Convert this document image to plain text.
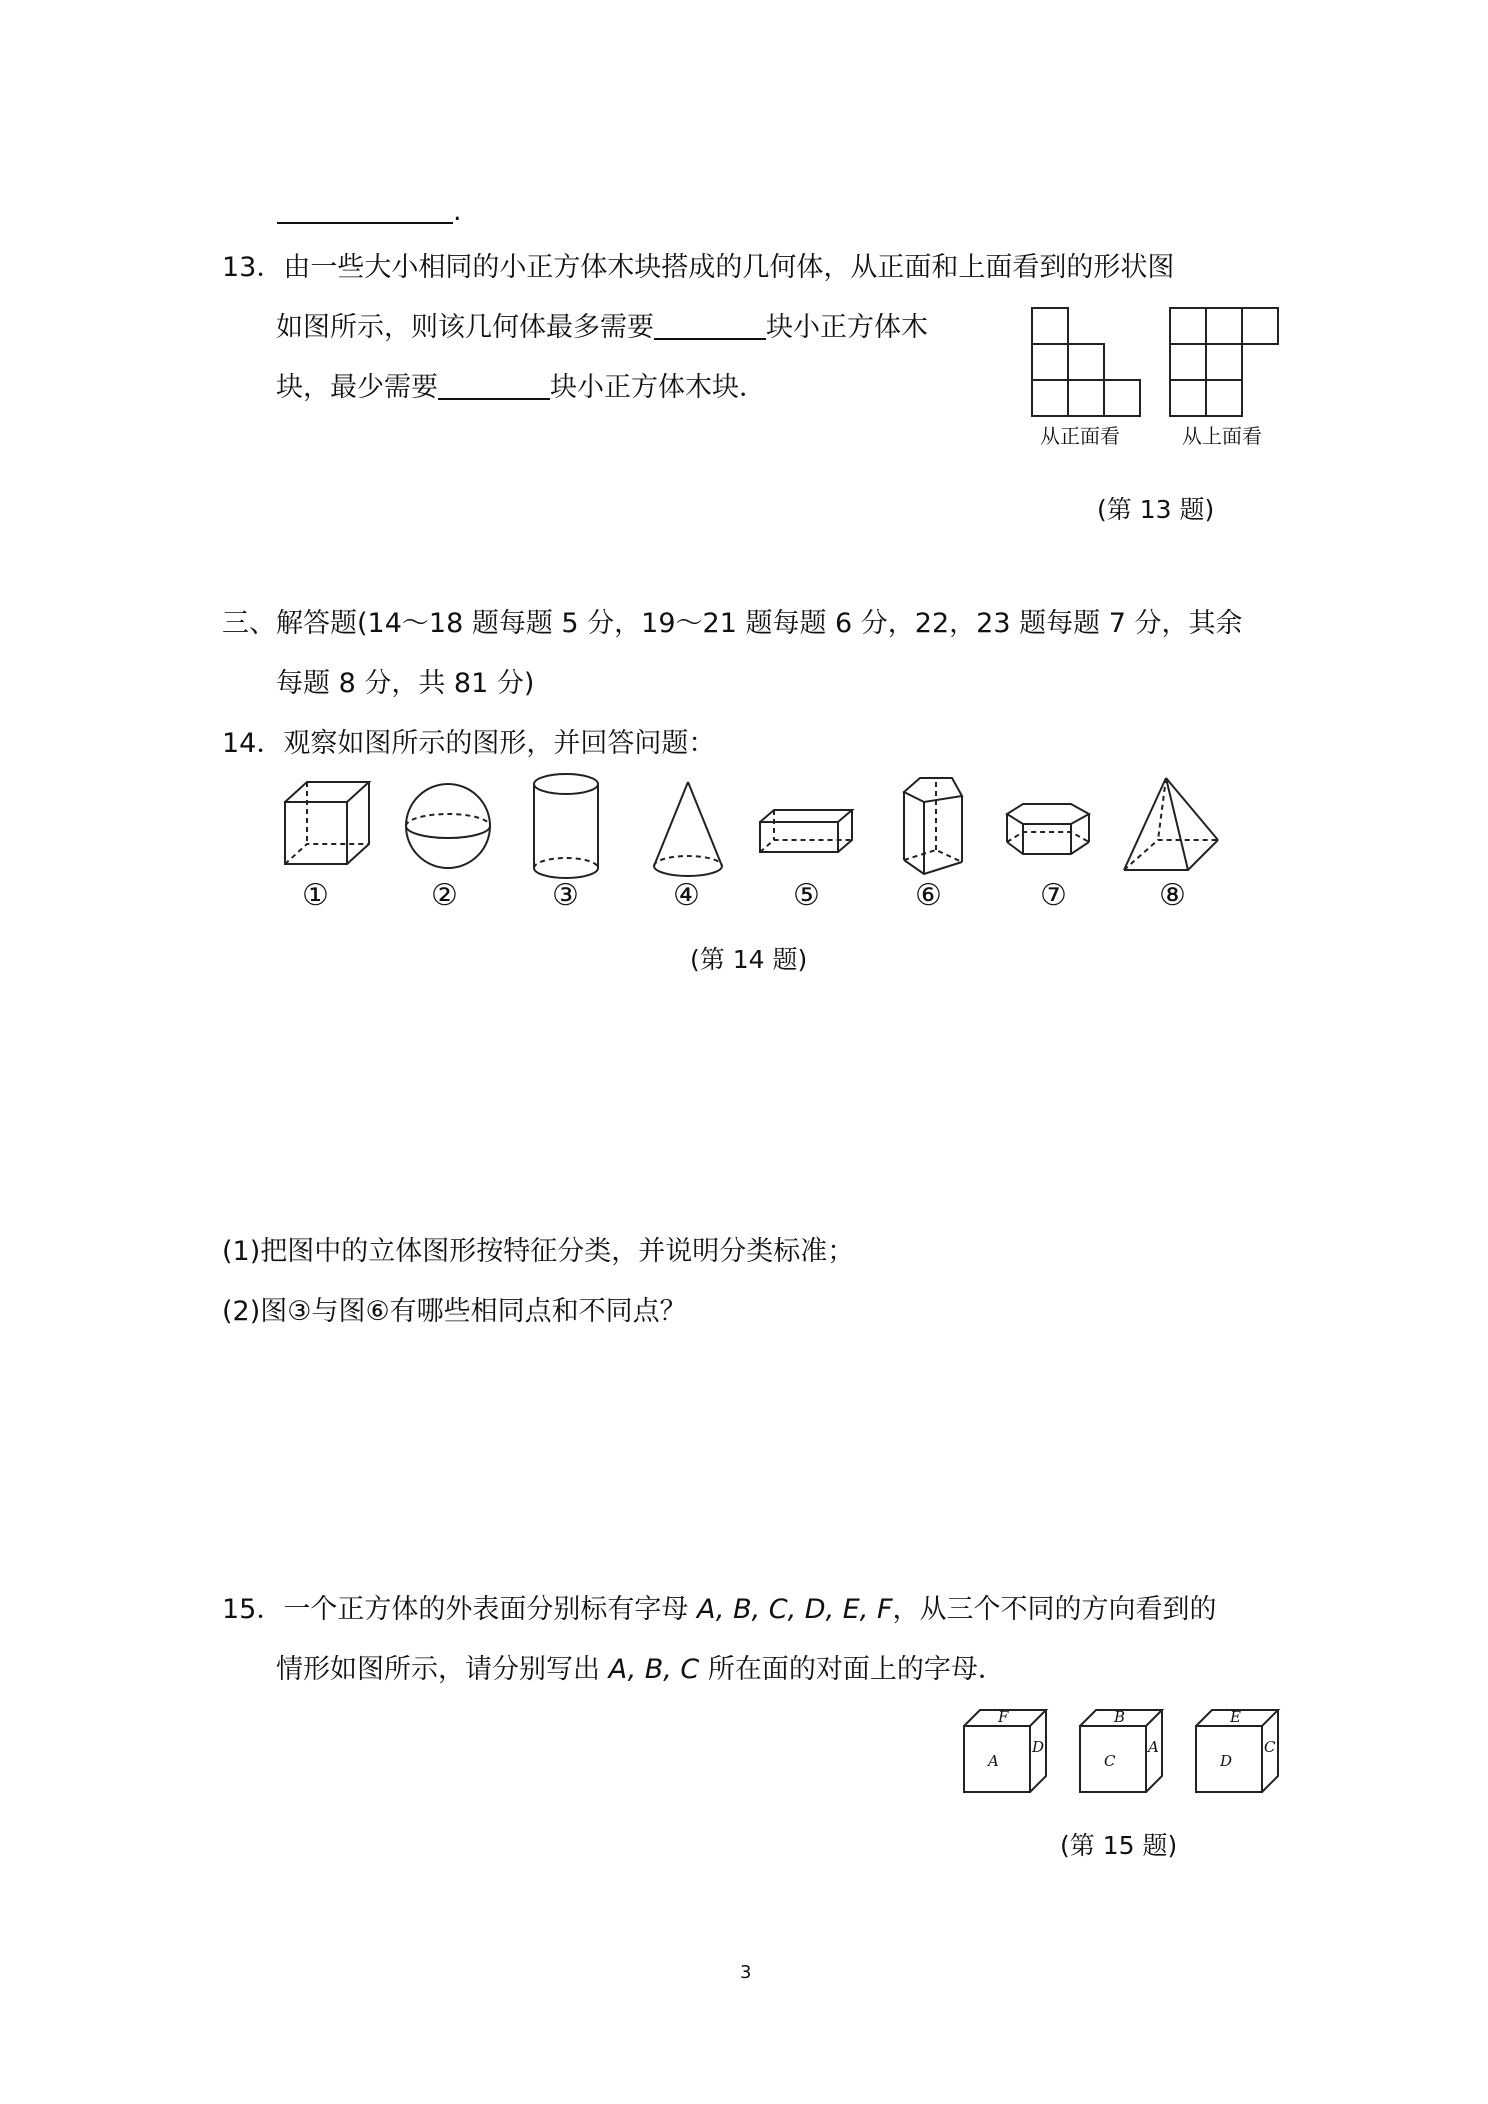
.
13．由一些大小相同的小正方体木块搭成的几何体，从正面和上面看到的形状图
如图所示，则该几何体最多需要	块小正方体木
块，最少需要	块小正方体木块．
从正面看	从上面看
(第 13 题)
三、解答题(14～18 题每题 5 分，19～21 题每题 6 分，22，23 题每题 7 分，其余
每题 8 分，共 81 分)
14．观察如图所示的图形，并回答问题：
①	②	③	④	⑤	⑥	⑦	⑧
(第 14 题)
(1)把图中的立体图形按特征分类，并说明分类标准；
(2)图③与图⑥有哪些相同点和不同点？
15．一个正方体的外表面分别标有字母 A, B, C, D, E, F，从三个不同的方向看到的
情形如图所示，请分别写出 A, B, C 所在面的对面上的字母．
F
A
D
B
C
A
E
D
C
(第 15 题)
3
